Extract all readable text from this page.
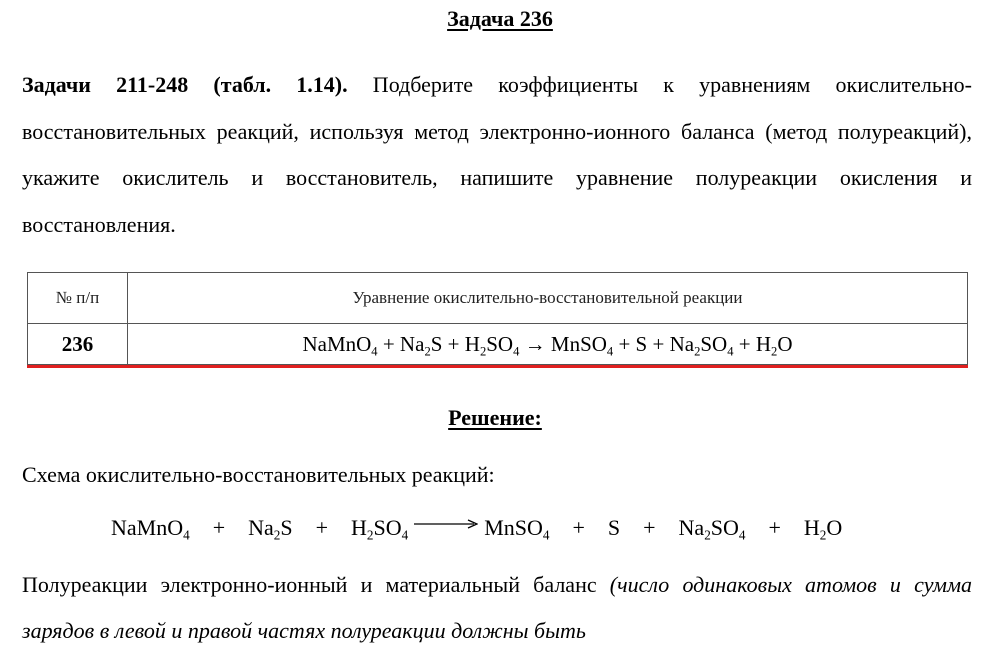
Задача 236
Задачи 211-248 (табл. 1.14). Подберите коэффициенты к уравнениям окислительно-восстановительных реакций, используя метод электронно-ионного баланса (метод полуреакций), укажите окислитель и восстановитель, напишите уравнение полуреакции окисления и восстановления.
№ п/п	Уравнение окислительно-восстановительной реакции
236	NaMnO$_4$ + $Na_2S + H_2SO_4$ → MnSO$_4$ + $S + Na_2SO_4 + H_2O$
Решение:
Схема окислительно-восстановительных реакций:
NaMnO$_4$  +  $Na_2S + H_2SO_4$ → MnSO$_4$  +  $S + Na_2SO_4 + H_2O$
Полуреакции электронно-ионный и материальный баланс (число одинаковых атомов и сумма зарядов в левой и правой частях полуреакции должны быть
